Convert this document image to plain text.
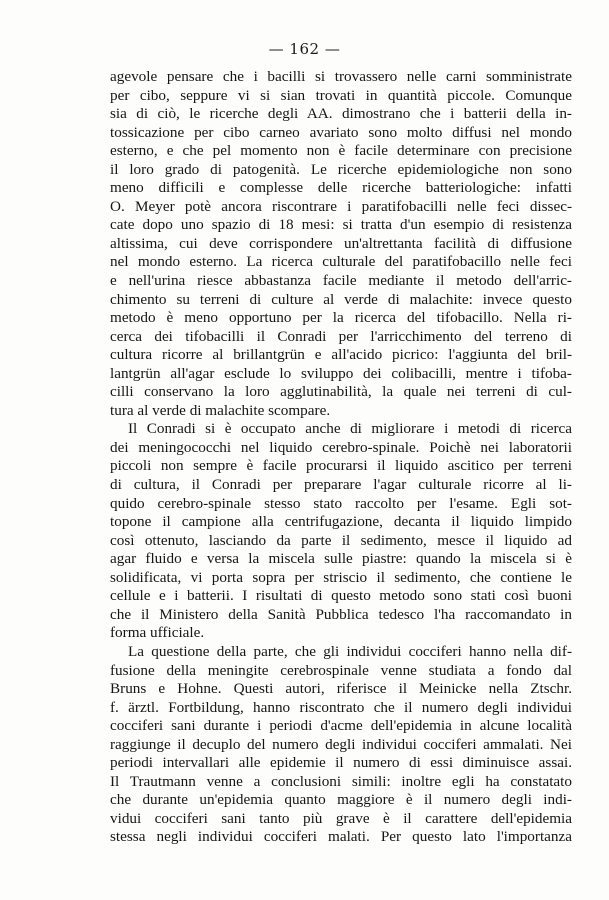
— 162 —
agevole pensare che i bacilli si trovassero nelle carni somministrate
per cibo, seppure vi si sian trovati in quantità piccole. Comunque
sia di ciò, le ricerche degli AA. dimostrano che i batterii della in-
tossicazione per cibo carneo avariato sono molto diffusi nel mondo
esterno, e che pel momento non è facile determinare con precisione
il loro grado di patogenità. Le ricerche epidemiologiche non sono
meno difficili e complesse delle ricerche batteriologiche: infatti
O. Meyer potè ancora riscontrare i paratifobacilli nelle feci dissec-
cate dopo uno spazio di 18 mesi: si tratta d'un esempio di resistenza
altissima, cui deve corrispondere un'altrettanta facilità di diffusione
nel mondo esterno. La ricerca culturale del paratifobacillo nelle feci
e nell'urina riesce abbastanza facile mediante il metodo dell'arric-
chimento su terreni di culture al verde di malachite: invece questo
metodo è meno opportuno per la ricerca del tifobacillo. Nella ri-
cerca dei tifobacilli il Conradi per l'arricchimento del terreno di
cultura ricorre al brillantgrün e all'acido picrico: l'aggiunta del bril-
lantgrün all'agar esclude lo sviluppo dei colibacilli, mentre i tifoba-
cilli conservano la loro agglutinabilità, la quale nei terreni di cul-
tura al verde di malachite scompare.
Il Conradi si è occupato anche di migliorare i metodi di ricerca
dei meningococchi nel liquido cerebro-spinale. Poichè nei laboratorii
piccoli non sempre è facile procurarsi il liquido ascitico per terreni
di cultura, il Conradi per preparare l'agar culturale ricorre al li-
quido cerebro-spinale stesso stato raccolto per l'esame. Egli sot-
topone il campione alla centrifugazione, decanta il liquido limpido
così ottenuto, lasciando da parte il sedimento, mesce il liquido ad
agar fluido e versa la miscela sulle piastre: quando la miscela si è
solidificata, vi porta sopra per striscio il sedimento, che contiene le
cellule e i batterii. I risultati di questo metodo sono stati così buoni
che il Ministero della Sanità Pubblica tedesco l'ha raccomandato in
forma ufficiale.
La questione della parte, che gli individui cocciferi hanno nella dif-
fusione della meningite cerebrospinale venne studiata a fondo dal
Bruns e Hohne. Questi autori, riferisce il Meinicke nella Ztschr.
f. ärztl. Fortbildung, hanno riscontrato che il numero degli individui
cocciferi sani durante i periodi d'acme dell'epidemia in alcune località
raggiunge il decuplo del numero degli individui cocciferi ammalati. Nei
periodi intervallari alle epidemie il numero di essi diminuisce assai.
Il Trautmann venne a conclusioni simili: inoltre egli ha constatato
che durante un'epidemia quanto maggiore è il numero degli indi-
vidui cocciferi sani tanto più grave è il carattere dell'epidemia
stessa negli individui cocciferi malati. Per questo lato l'importanza
